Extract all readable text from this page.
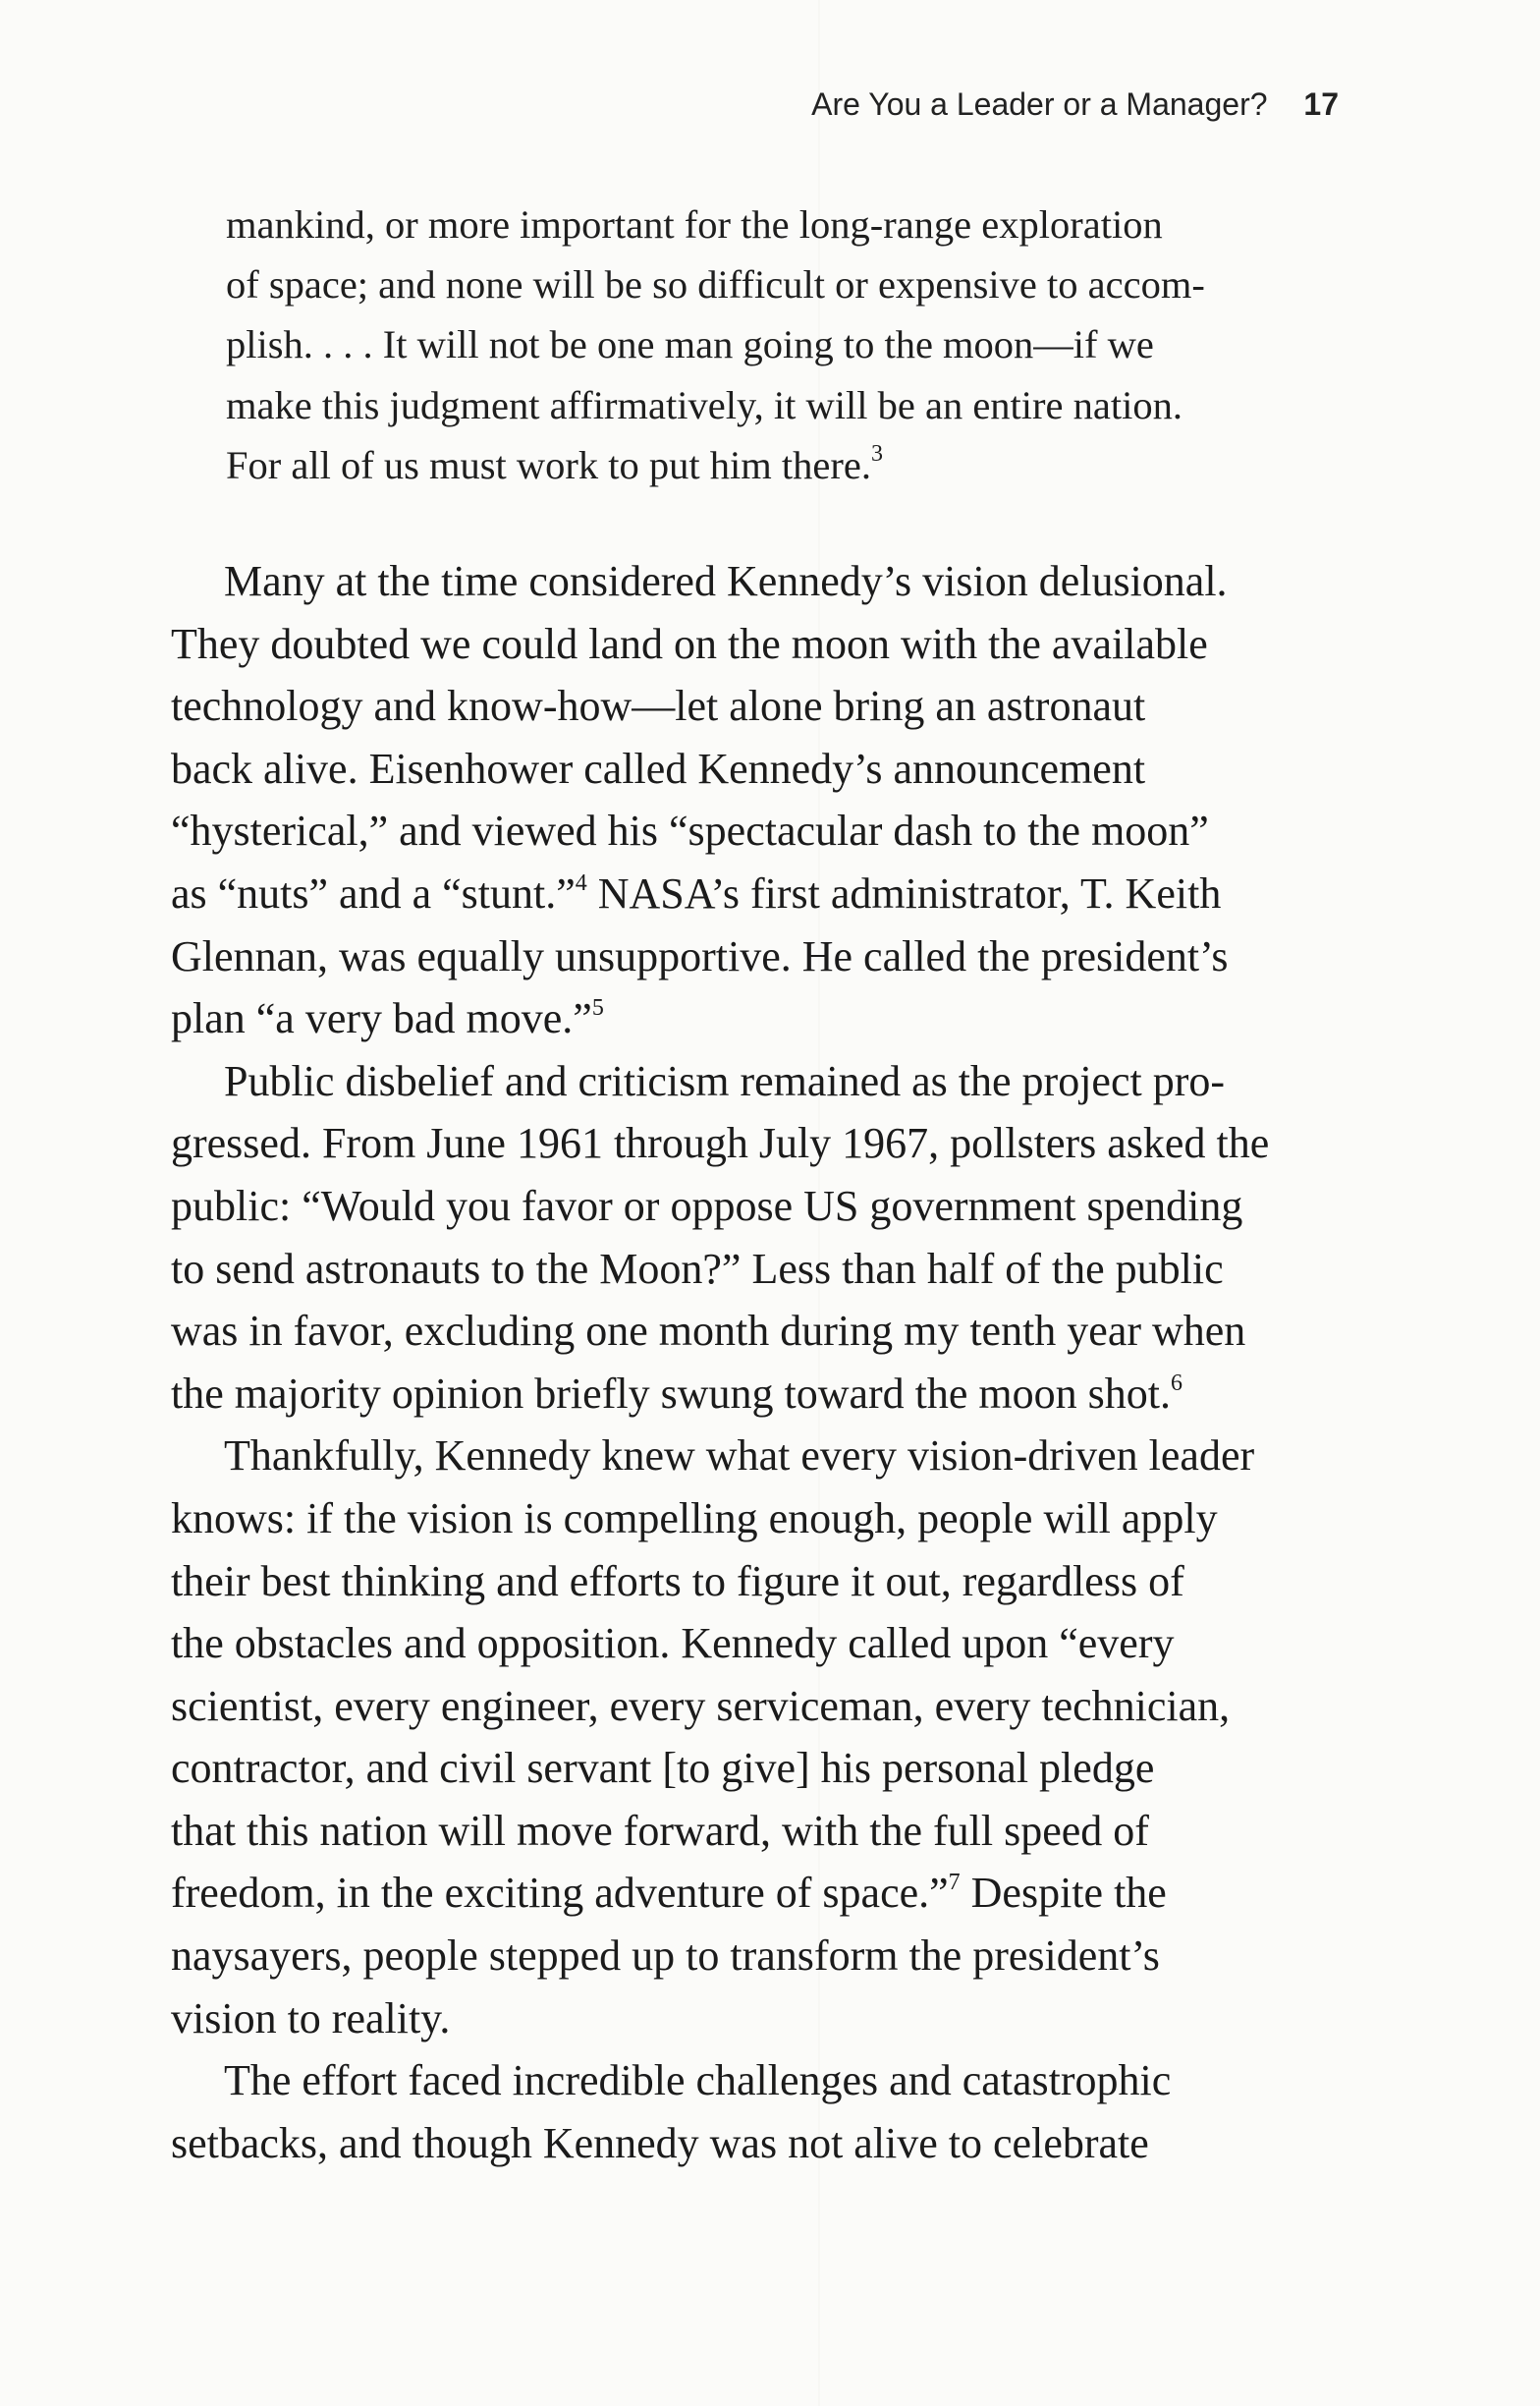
Are You a Leader or a Manager? 17
mankind, or more important for the long-range exploration
of space; and none will be so difficult or expensive to accom-
plish. . . . It will not be one man going to the moon—if we
make this judgment affirmatively, it will be an entire nation.
For all of us must work to put him there.$^3$
Many at the time considered Kennedy’s vision delusional.
They doubted we could land on the moon with the available
technology and know-how—let alone bring an astronaut
back alive. Eisenhower called Kennedy’s announcement
“hysterical,” and viewed his “spectacular dash to the moon”
as “nuts” and a “stunt.”$^4$ NASA’s first administrator, T. Keith
Glennan, was equally unsupportive. He called the president’s
plan “a very bad move.”$^5$
Public disbelief and criticism remained as the project pro-
gressed. From June 1961 through July 1967, pollsters asked the
public: “Would you favor or oppose US government spending
to send astronauts to the Moon?” Less than half of the public
was in favor, excluding one month during my tenth year when
the majority opinion briefly swung toward the moon shot.$^6$
Thankfully, Kennedy knew what every vision-driven leader
knows: if the vision is compelling enough, people will apply
their best thinking and efforts to figure it out, regardless of
the obstacles and opposition. Kennedy called upon “every
scientist, every engineer, every serviceman, every technician,
contractor, and civil servant [to give] his personal pledge
that this nation will move forward, with the full speed of
freedom, in the exciting adventure of space.”$^7$ Despite the
naysayers, people stepped up to transform the president’s
vision to reality.
The effort faced incredible challenges and catastrophic
setbacks, and though Kennedy was not alive to celebrate
